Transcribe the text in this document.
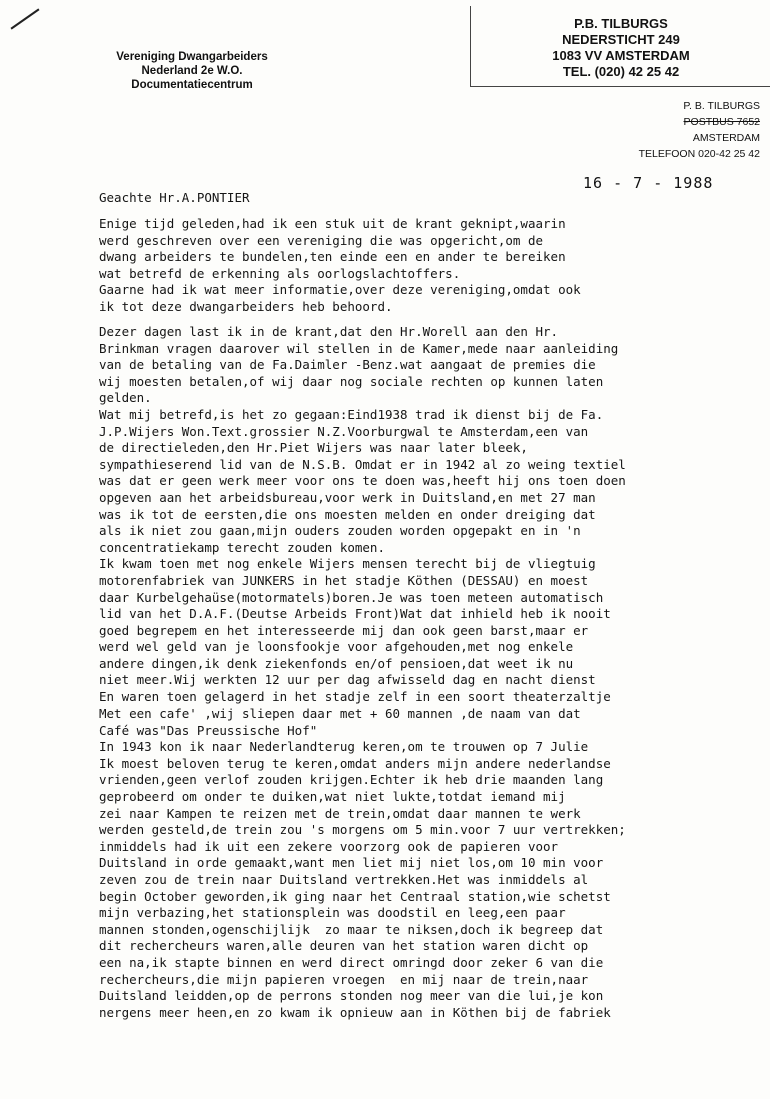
Vereniging Dwangarbeiders
Nederland 2e W.O.
Documentatiecentrum
P.B. TILBURGS
NEDERSTICHT 249
1083 VV AMSTERDAM
TEL. (020) 42 25 42
P. B. TILBURGS
POSTBUS 7652
AMSTERDAM
TELEFOON 020-42 25 42
16 - 7 - 1988
Geachte Hr.A.PONTIER
Enige tijd geleden,had ik een stuk uit de krant geknipt,waarin
werd geschreven over een vereniging die was opgericht,om de
dwang arbeiders te bundelen,ten einde een en ander te bereiken
wat betrefd de erkenning als oorlogslachtoffers.
Gaarne had ik wat meer informatie,over deze vereniging,omdat ook
ik tot deze dwangarbeiders heb behoord.
Dezer dagen last ik in de krant,dat den Hr.Worell aan den Hr.
Brinkman vragen daarover wil stellen in de Kamer,mede naar aanleiding
van de betaling van de Fa.Daimler -Benz.wat aangaat de premies die
wij moesten betalen,of wij daar nog sociale rechten op kunnen laten
gelden.
Wat mij betrefd,is het zo gegaan:Eind1938 trad ik dienst bij de Fa.
J.P.Wijers Won.Text.grossier N.Z.Voorburgwal te Amsterdam,een van
de directieleden,den Hr.Piet Wijers was naar later bleek,
sympathieserend lid van de N.S.B. Omdat er in 1942 al zo weing textiel
was dat er geen werk meer voor ons te doen was,heeft hij ons toen doen
opgeven aan het arbeidsbureau,voor werk in Duitsland,en met 27 man
was ik tot de eersten,die ons moesten melden en onder dreiging dat
als ik niet zou gaan,mijn ouders zouden worden opgepakt en in 'n
concentratiekamp terecht zouden komen.
Ik kwam toen met nog enkele Wijers mensen terecht bij de vliegtuig
motorenfabriek van JUNKERS in het stadje Köthen (DESSAU) en moest
daar Kurbelgehaüse(motormatels)boren.Je was toen meteen automatisch
lid van het D.A.F.(Deutse Arbeids Front)Wat dat inhield heb ik nooit
goed begrepem en het interesseerde mij dan ook geen barst,maar er
werd wel geld van je loonsfookje voor afgehouden,met nog enkele
andere dingen,ik denk ziekenfonds en/of pensioen,dat weet ik nu
niet meer.Wij werkten 12 uur per dag afwisseld dag en nacht dienst
En waren toen gelagerd in het stadje zelf in een soort theaterzaltje
Met een cafe' ,wij sliepen daar met + 60 mannen ,de naam van dat
Café was"Das Preussische Hof"
In 1943 kon ik naar Nederlandterug keren,om te trouwen op 7 Julie
Ik moest beloven terug te keren,omdat anders mijn andere nederlandse
vrienden,geen verlof zouden krijgen.Echter ik heb drie maanden lang
geprobeerd om onder te duiken,wat niet lukte,totdat iemand mij
zei naar Kampen te reizen met de trein,omdat daar mannen te werk
werden gesteld,de trein zou 's morgens om 5 min.voor 7 uur vertrekken;
inmiddels had ik uit een zekere voorzorg ook de papieren voor
Duitsland in orde gemaakt,want men liet mij niet los,om 10 min voor
zeven zou de trein naar Duitsland vertrekken.Het was inmiddels al
begin October geworden,ik ging naar het Centraal station,wie schetst
mijn verbazing,het stationsplein was doodstil en leeg,een paar
mannen stonden,ogenschijlijk  zo maar te niksen,doch ik begreep dat
dit rechercheurs waren,alle deuren van het station waren dicht op
een na,ik stapte binnen en werd direct omringd door zeker 6 van die
rechercheurs,die mijn papieren vroegen  en mij naar de trein,naar
Duitsland leidden,op de perrons stonden nog meer van die lui,je kon
nergens meer heen,en zo kwam ik opnieuw aan in Köthen bij de fabriek
